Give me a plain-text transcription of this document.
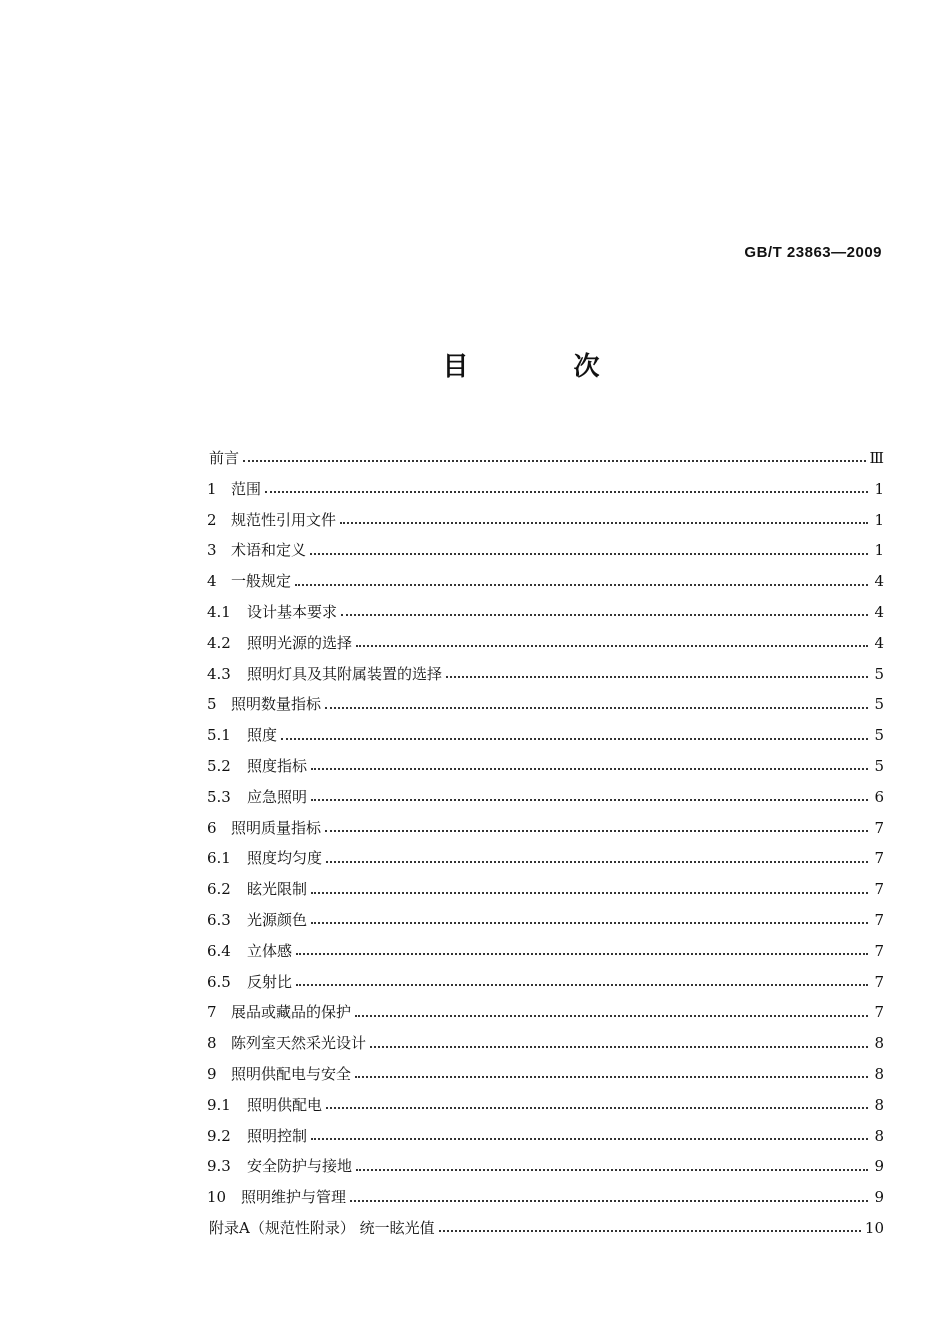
GB/T 23863—2009
目 次
前言	Ⅲ
1 范围	1
2 规范性引用文件	1
3 术语和定义	1
4 一般规定	4
4.1	设计基本要求	4
4.2	照明光源的选择	4
4.3	照明灯具及其附属装置的选择	5
5 照明数量指标	5
5.1	照度	5
5.2	照度指标	5
5.3	应急照明	6
6 照明质量指标	7
6.1	照度均匀度	7
6.2	眩光限制	7
6.3	光源颜色	7
6.4	立体感	7
6.5	反射比	7
7 展品或藏品的保护	7
8 陈列室天然采光设计	8
9 照明供配电与安全	8
9.1	照明供配电	8
9.2	照明控制	8
9.3	安全防护与接地	9
10 照明维护与管理	9
附录A（规范性附录） 统一眩光值	10
